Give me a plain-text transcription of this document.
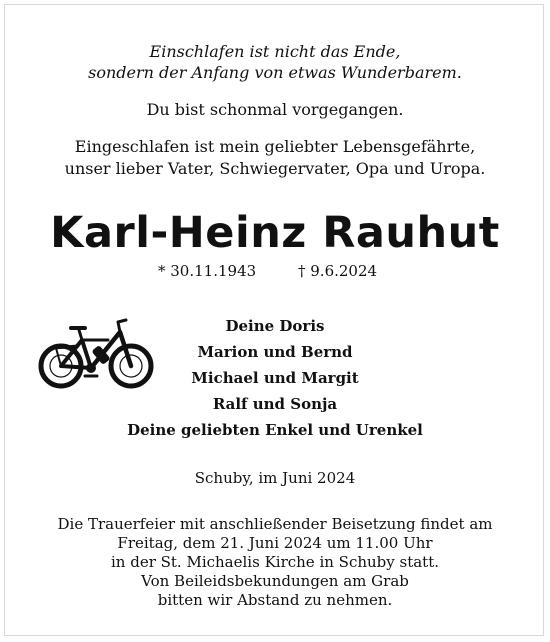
Einschlafen ist nicht das Ende,
sondern der Anfang von etwas Wunderbarem.
Du bist schonmal vorgegangen.
Eingeschlafen ist mein geliebter Lebensgefährte,
unser lieber Vater, Schwiegervater, Opa und Uropa.
Karl-Heinz Rauhut
* 30.11.1943	† 9.6.2024
Deine Doris
Marion und Bernd
Michael und Margit
Ralf und Sonja
Deine geliebten Enkel und Urenkel
Schuby, im Juni 2024
Die Trauerfeier mit anschließender Beisetzung findet am
Freitag, dem 21. Juni 2024 um 11.00 Uhr
in der St. Michaelis Kirche in Schuby statt.
Von Beileidsbekundungen am Grab
bitten wir Abstand zu nehmen.
